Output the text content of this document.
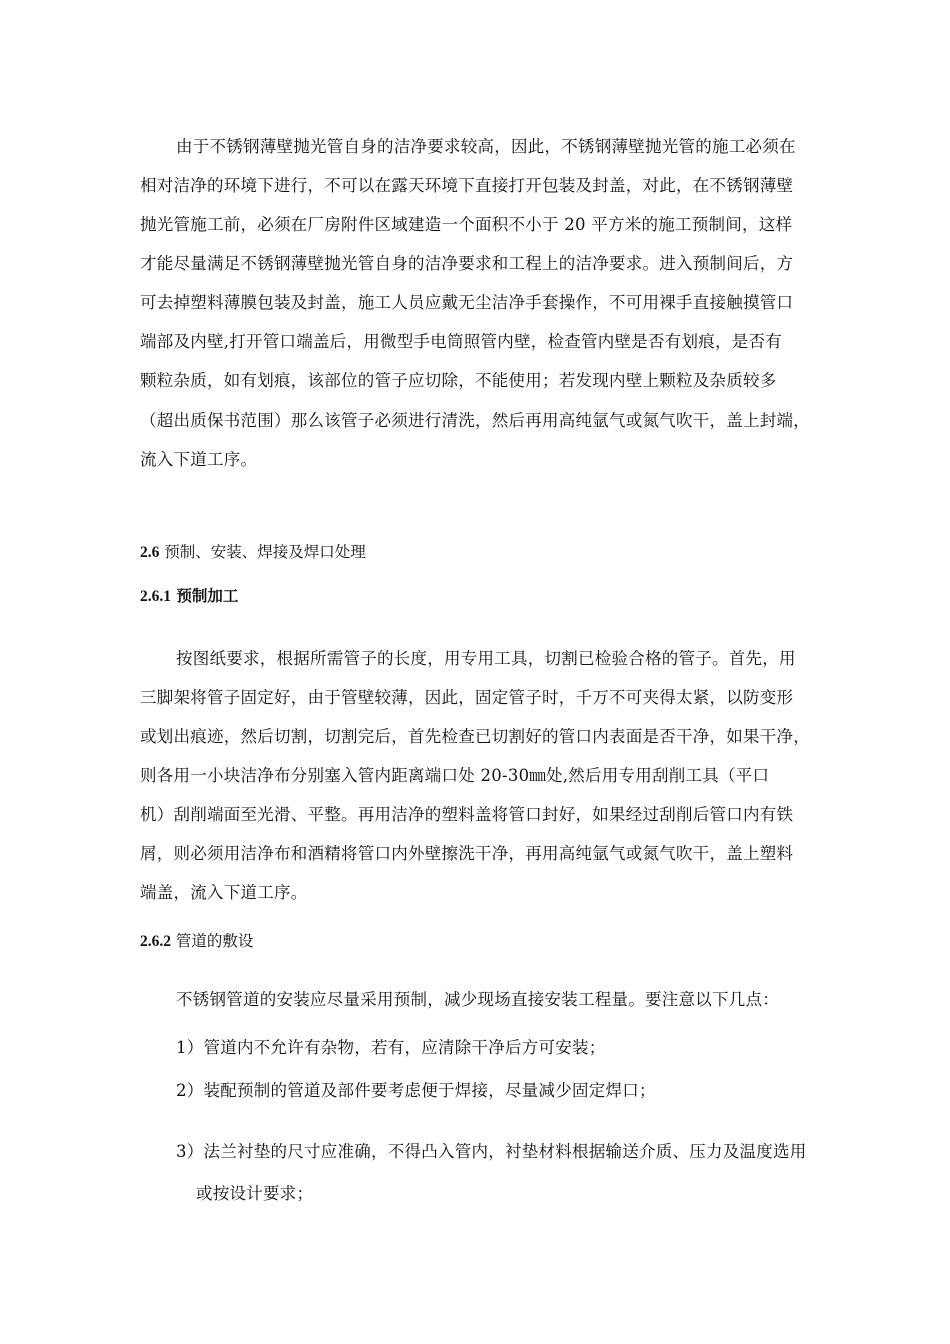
由于不锈钢薄壁抛光管自身的洁净要求较高，因此，不锈钢薄壁抛光管的施工必须在
相对洁净的环境下进行，不可以在露天环境下直接打开包装及封盖，对此，在不锈钢薄壁
抛光管施工前，必须在厂房附件区域建造一个面积不小于 20 平方米的施工预制间，这样
才能尽量满足不锈钢薄壁抛光管自身的洁净要求和工程上的洁净要求。进入预制间后，方
可去掉塑料薄膜包装及封盖，施工人员应戴无尘洁净手套操作，不可用裸手直接触摸管口
端部及内壁,打开管口端盖后，用微型手电筒照管内壁，检查管内壁是否有划痕，是否有
颗粒杂质，如有划痕，该部位的管子应切除，不能使用；若发现内壁上颗粒及杂质较多
（超出质保书范围）那么该管子必须进行清洗，然后再用高纯氩气或氮气吹干，盖上封端，
流入下道工序。
2.6 预制、安装、焊接及焊口处理
2.6.1 预制加工
按图纸要求，根据所需管子的长度，用专用工具，切割已检验合格的管子。首先，用
三脚架将管子固定好，由于管壁较薄，因此，固定管子时，千万不可夹得太紧，以防变形
或划出痕迹，然后切割，切割完后，首先检查已切割好的管口内表面是否干净，如果干净，
则各用一小块洁净布分别塞入管内距离端口处 20-30㎜处,然后用专用刮削工具（平口
机）刮削端面至光滑、平整。再用洁净的塑料盖将管口封好，如果经过刮削后管口内有铁
屑，则必须用洁净布和酒精将管口内外壁擦洗干净，再用高纯氩气或氮气吹干，盖上塑料
端盖，流入下道工序。
2.6.2 管道的敷设
不锈钢管道的安装应尽量采用预制，减少现场直接安装工程量。要注意以下几点：
1）管道内不允许有杂物，若有，应清除干净后方可安装；
2）装配预制的管道及部件要考虑便于焊接，尽量减少固定焊口；
3）法兰衬垫的尺寸应准确，不得凸入管内，衬垫材料根据输送介质、压力及温度选用
或按设计要求；
